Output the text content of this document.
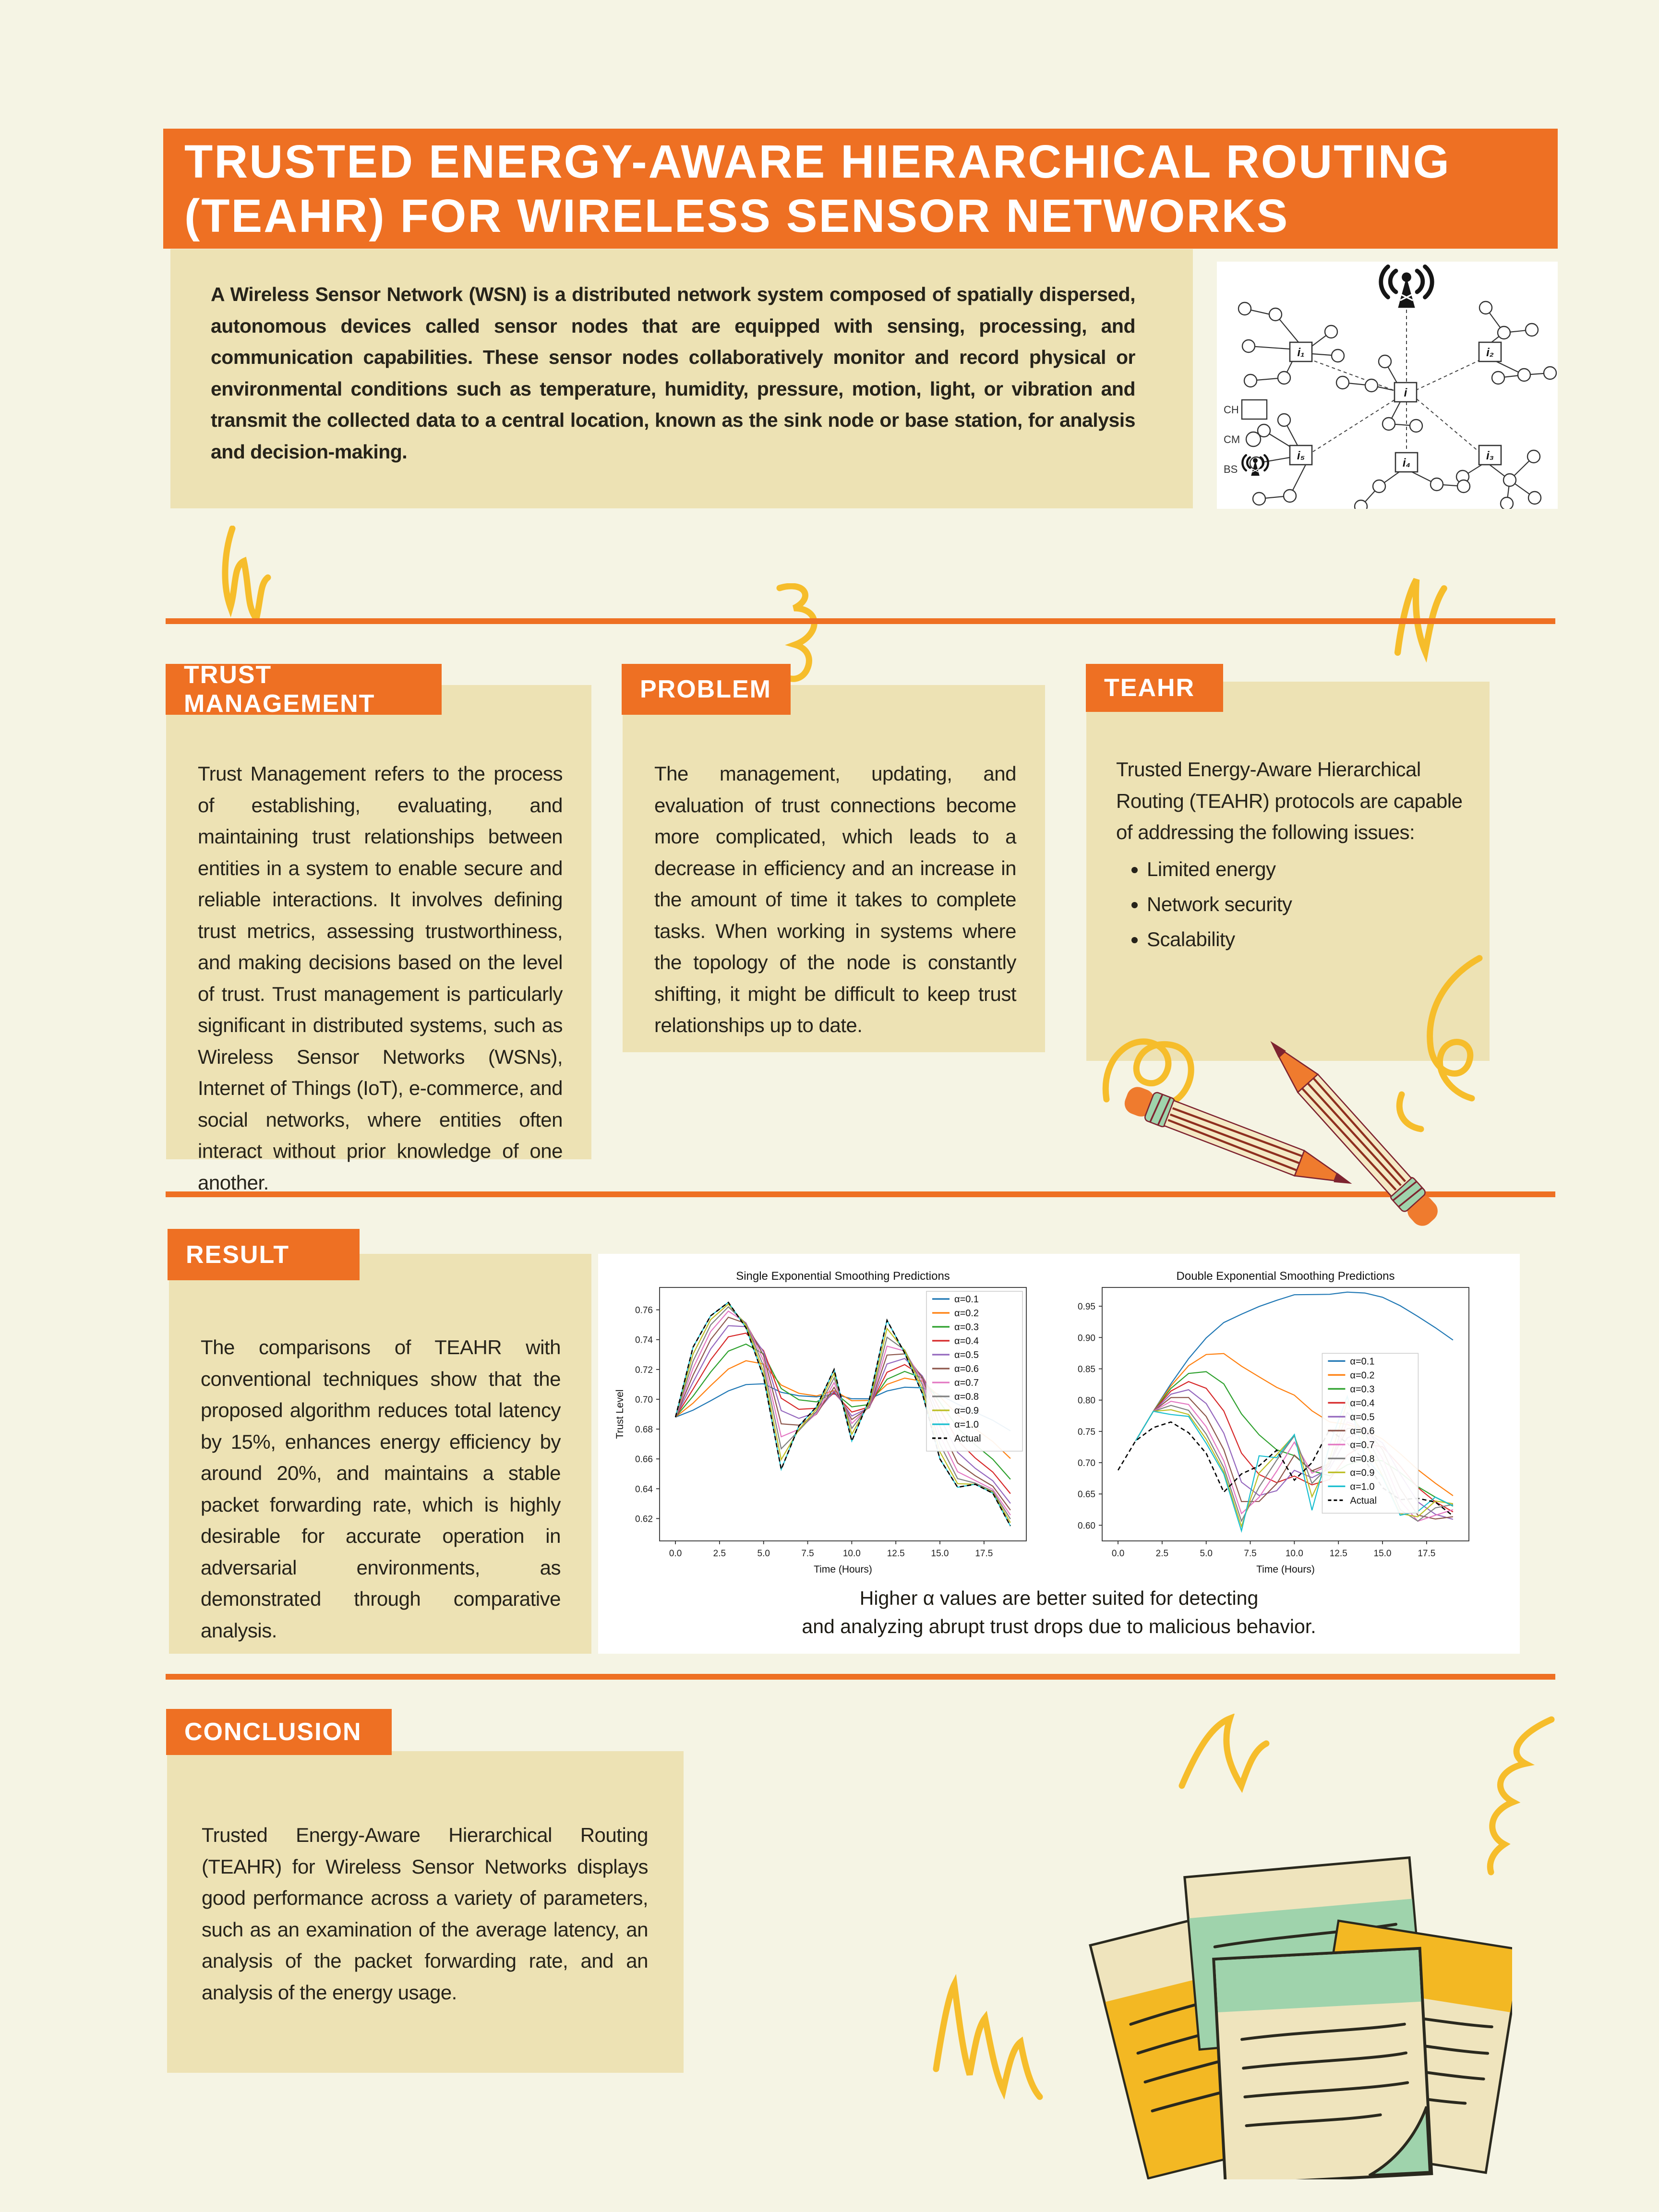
TRUSTED ENERGY-AWARE HIERARCHICAL ROUTING
(TEAHR) FOR WIRELESS SENSOR NETWORKS

A Wireless Sensor Network (WSN) is a distributed network system composed of spatially dispersed, autonomous devices called sensor nodes that are equipped with sensing, processing, and communication capabilities. These sensor nodes collaboratively monitor and record physical or environmental conditions such as temperature, humidity, pressure, motion, light, or vibration and transmit the collected data to a central location, known as the sink node or base station, for analysis and decision-making.

i
i₁	i₂
i₃
i₄
i₅
CH
CM
BS
TRUST MANAGEMENT

Trust Management refers to the process of establishing, evaluating, and maintaining trust relationships between entities in a system to enable secure and reliable interactions. It involves defining trust metrics, assessing trustworthiness, and making decisions based on the level of trust. Trust management is particularly significant in distributed systems, such as Wireless Sensor Networks (WSNs), Internet of Things (IoT), e-commerce, and social networks, where entities often interact without prior knowledge of one another.

PROBLEM

The management, updating, and evaluation of trust connections become more complicated, which leads to a decrease in efficiency and an increase in the amount of time it takes to complete tasks. When working in systems where the topology of the node is constantly shifting, it might be difficult to keep trust relationships up to date.

TEAHR

Trusted Energy-Aware Hierarchical Routing (TEAHR) protocols are capable of addressing the following issues:

• Limited energy
• Network security
• Scalability
RESULT

The comparisons of TEAHR with conventional techniques show that the proposed algorithm reduces total latency by 15%, enhances energy efficiency by around 20%, and maintains a stable packet forwarding rate, which is highly desirable for accurate operation in adversarial environments, as demonstrated through comparative analysis.

Single Exponential Smoothing Predictions
0.62
0.64
0.66
0.68
0.70
0.72
0.74
0.76
0.0	2.5	5.0	7.5	10.0	12.5	15.0	17.5
Time (Hours)
Trust Level
α=0.1
α=0.2
α=0.3
α=0.4
α=0.5
α=0.6
α=0.7
α=0.8
α=0.9
α=1.0
Actual
Double Exponential Smoothing Predictions
0.60
0.65
0.70
0.75
0.80
0.85
0.90
0.95
0.0	2.5	5.0	7.5	10.0	12.5	15.0	17.5
Time (Hours)
α=0.1
α=0.2
α=0.3
α=0.4
α=0.5
α=0.6
α=0.7
α=0.8
α=0.9
α=1.0
Actual
Higher α values are better suited for detecting
and analyzing abrupt trust drops due to malicious behavior.
CONCLUSION

Trusted Energy-Aware Hierarchical Routing (TEAHR) for Wireless Sensor Networks displays good performance across a variety of parameters, such as an examination of the average latency, an analysis of the packet forwarding rate, and an analysis of the energy usage.
